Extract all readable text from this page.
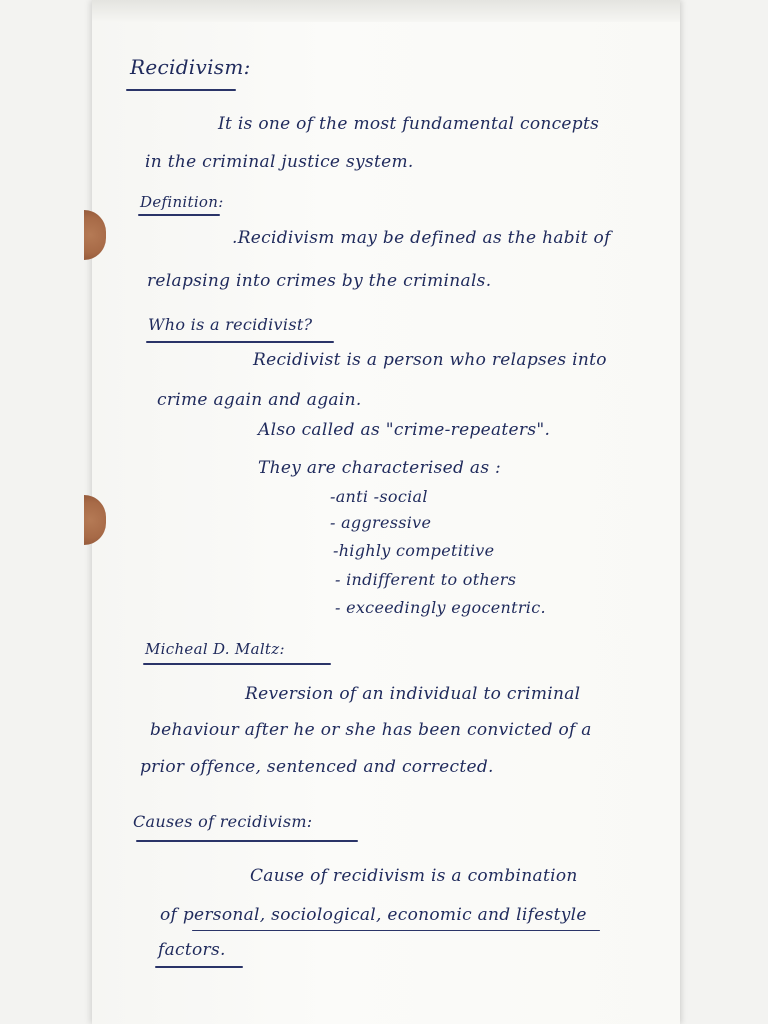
Recidivism:
It is one of the most fundamental concepts
in the criminal justice system.
Definition:
.Recidivism may be defined as the habit of
relapsing into crimes by the criminals.
Who is a recidivist?
Recidivist is a person who relapses into
crime again and again.
Also called as "crime-repeaters".
They are characterised as :
-anti -social
- aggressive
-highly competitive
- indifferent to others
- exceedingly egocentric.
Micheal D. Maltz:
Reversion of an individual to criminal
behaviour after he or she has been convicted of a
prior offence, sentenced and corrected.
Causes of recidivism:
Cause of recidivism is a combination
of personal, sociological, economic and lifestyle
factors.
